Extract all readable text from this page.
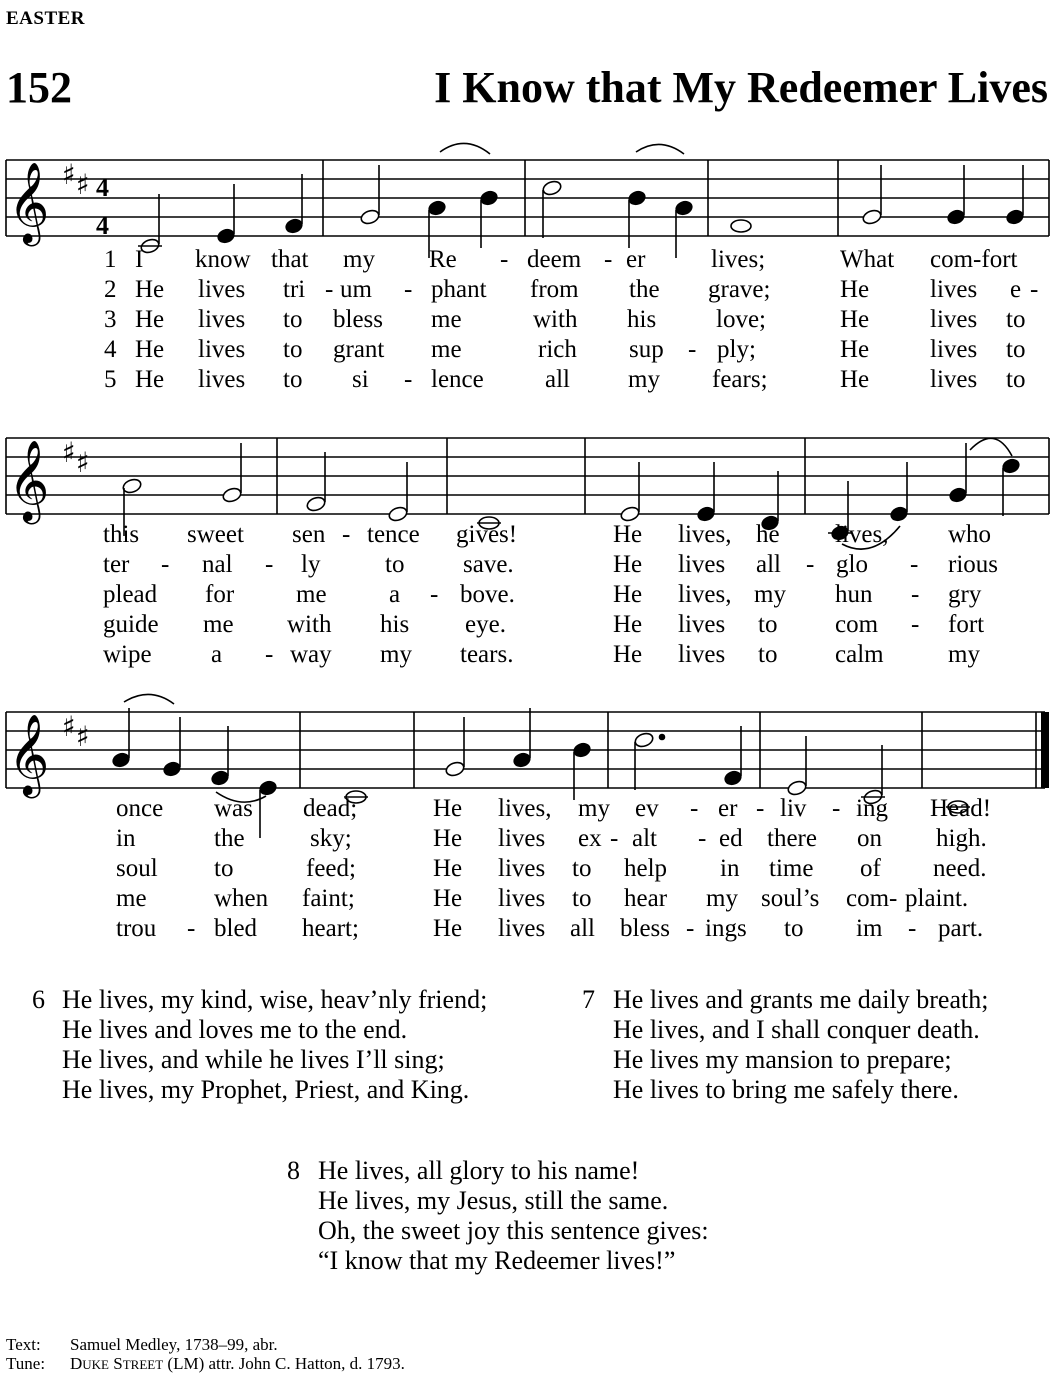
EASTER
152	I Know that My Redeemer Lives
𝄞 ♯ ♯ 4
4
1 I know that my Re - deem - er	lives;	What com-fort
2 He lives tri - um - phant from the grave;	He lives e -
3 He lives to bless me	with his love;	He lives to
4 He lives to grant me	rich sup - ply;	He lives to
5 He lives to si - lence all my fears;	He lives to
𝄞 ♯ ♯
this sweet sen - tence gives!	He lives, he lives, who
ter - nal - ly	to save.	He lives all - glo - rious
plead for me a - bove.	He lives, my hun - gry
guide me with his eye.	He lives to com - fort
wipe a - way my tears.	He lives to calm	my
𝄞 ♯ ♯
once was dead;	He lives, my ev - er - liv - ing Head!
in	the	sky;	He lives ex - alt - ed there on high.
soul to	feed;	He lives to help in time of need.
me	when faint;	He lives to hear my soul’s com - plaint.
trou - bled heart;	He lives all bless - ings to im - part.
6 He lives, my kind, wise, heav’nly friend;
He lives and loves me to the end.
He lives, and while he lives I’ll sing;
He lives, my Prophet, Priest, and King.
7 He lives and grants me daily breath;
He lives, and I shall conquer death.
He lives my mansion to prepare;
He lives to bring me safely there.
8 He lives, all glory to his name!
He lives, my Jesus, still the same.
Oh, the sweet joy this sentence gives:
“I know that my Redeemer lives!”
Text: Samuel Medley, 1738–99, abr.
Tune: DUKE STREET (LM) attr. John C. Hatton, d. 1793.
